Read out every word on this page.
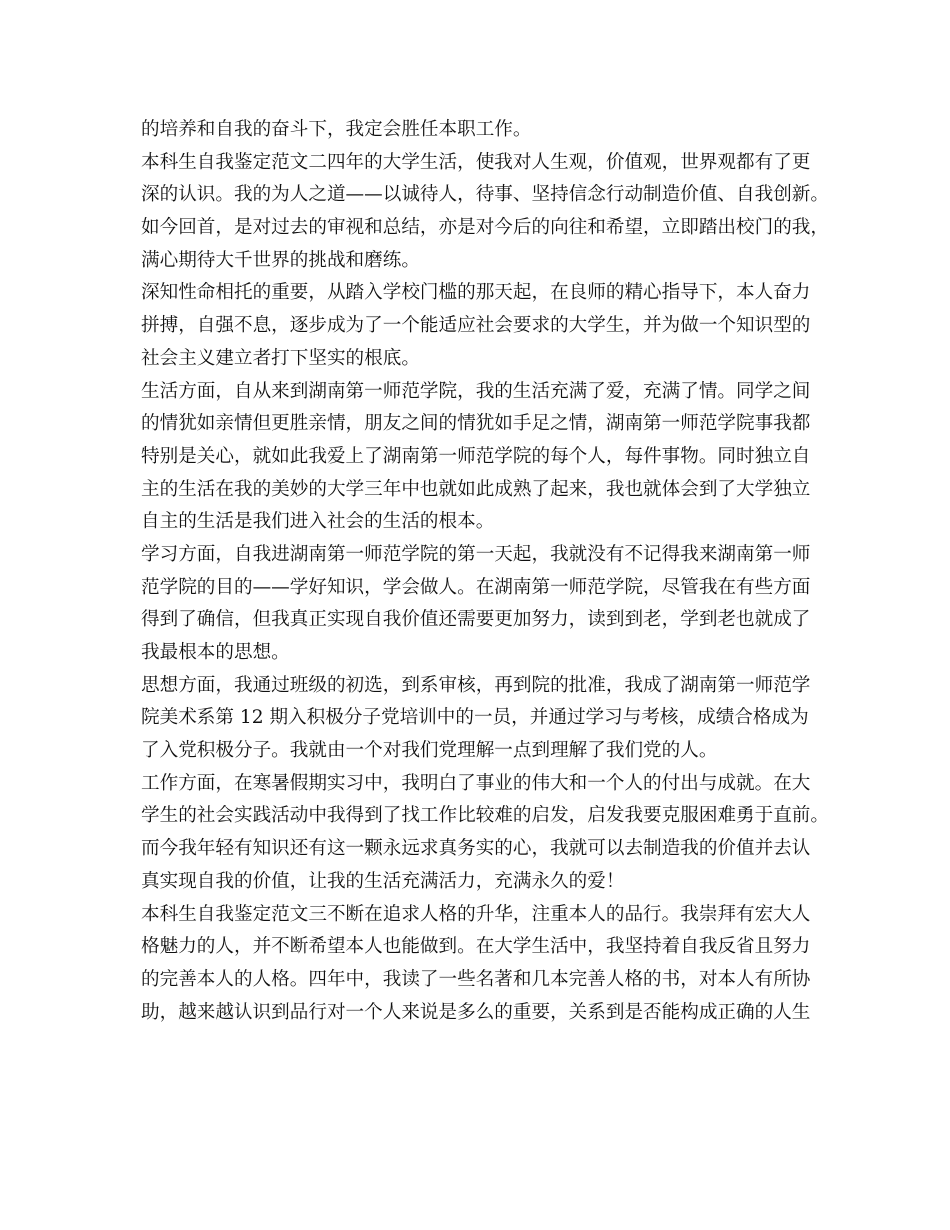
的培养和自我的奋斗下，我定会胜任本职工作。
本科生自我鉴定范文二四年的大学生活，使我对人生观，价值观，世界观都有了更
深的认识。我的为人之道——以诚待人，待事、坚持信念行动制造价值、自我创新。
如今回首，是对过去的审视和总结，亦是对今后的向往和希望，立即踏出校门的我，
满心期待大千世界的挑战和磨练。
深知性命相托的重要，从踏入学校门槛的那天起，在良师的精心指导下，本人奋力
拼搏，自强不息，逐步成为了一个能适应社会要求的大学生，并为做一个知识型的
社会主义建立者打下坚实的根底。
生活方面，自从来到湖南第一师范学院，我的生活充满了爱，充满了情。同学之间
的情犹如亲情但更胜亲情，朋友之间的情犹如手足之情，湖南第一师范学院事我都
特别是关心，就如此我爱上了湖南第一师范学院的每个人，每件事物。同时独立自
主的生活在我的美妙的大学三年中也就如此成熟了起来，我也就体会到了大学独立
自主的生活是我们进入社会的生活的根本。
学习方面，自我进湖南第一师范学院的第一天起，我就没有不记得我来湖南第一师
范学院的目的——学好知识，学会做人。在湖南第一师范学院，尽管我在有些方面
得到了确信，但我真正实现自我价值还需要更加努力，读到到老，学到老也就成了
我最根本的思想。
思想方面，我通过班级的初选，到系审核，再到院的批准，我成了湖南第一师范学
院美术系第 12 期入积极分子党培训中的一员，并通过学习与考核，成绩合格成为
了入党积极分子。我就由一个对我们党理解一点到理解了我们党的人。
工作方面，在寒暑假期实习中，我明白了事业的伟大和一个人的付出与成就。在大
学生的社会实践活动中我得到了找工作比较难的启发，启发我要克服困难勇于直前。
而今我年轻有知识还有这一颗永远求真务实的心，我就可以去制造我的价值并去认
真实现自我的价值，让我的生活充满活力，充满永久的爱！
本科生自我鉴定范文三不断在追求人格的升华，注重本人的品行。我崇拜有宏大人
格魅力的人，并不断希望本人也能做到。在大学生活中，我坚持着自我反省且努力
的完善本人的人格。四年中，我读了一些名著和几本完善人格的书，对本人有所协
助，越来越认识到品行对一个人来说是多么的重要，关系到是否能构成正确的人生
